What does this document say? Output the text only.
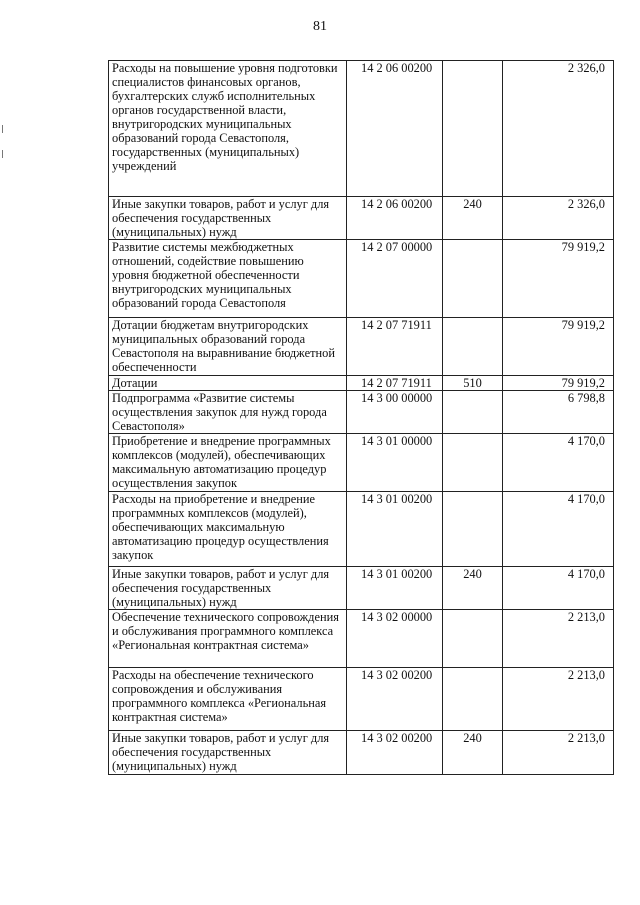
81
Расходы на повышение уровня подготовки специалистов финансовых органов, бухгалтерских служб исполнительных органов государственной власти, внутригородских муниципальных образований города Севастополя, государственных (муниципальных) учреждений	14 2 06 00200		2 326,0
Иные закупки товаров, работ и услуг для обеспечения государственных (муниципальных) нужд	14 2 06 00200	240	2 326,0
Развитие системы межбюджетных отношений, содействие повышению уровня бюджетной обеспеченности внутригородских муниципальных образований города Севастополя	14 2 07 00000		79 919,2
Дотации бюджетам внутригородских муниципальных образований города Севастополя на выравнивание бюджетной обеспеченности	14 2 07 71911		79 919,2
Дотации	14 2 07 71911	510	79 919,2
Подпрограмма «Развитие системы осуществления закупок для нужд города Севастополя»	14 3 00 00000		6 798,8
Приобретение и внедрение программных комплексов (модулей), обеспечивающих максимальную автоматизацию процедур осуществления закупок	14 3 01 00000		4 170,0
Расходы на приобретение и внедрение программных комплексов (модулей), обеспечивающих максимальную автоматизацию процедур осуществления закупок	14 3 01 00200		4 170,0
Иные закупки товаров, работ и услуг для обеспечения государственных (муниципальных) нужд	14 3 01 00200	240	4 170,0
Обеспечение технического сопровождения и обслуживания программного комплекса «Региональная контрактная система»	14 3 02 00000		2 213,0
Расходы на обеспечение технического сопровождения и обслуживания программного комплекса «Региональная контрактная система»	14 3 02 00200		2 213,0
Иные закупки товаров, работ и услуг для обеспечения государственных (муниципальных) нужд	14 3 02 00200	240	2 213,0
